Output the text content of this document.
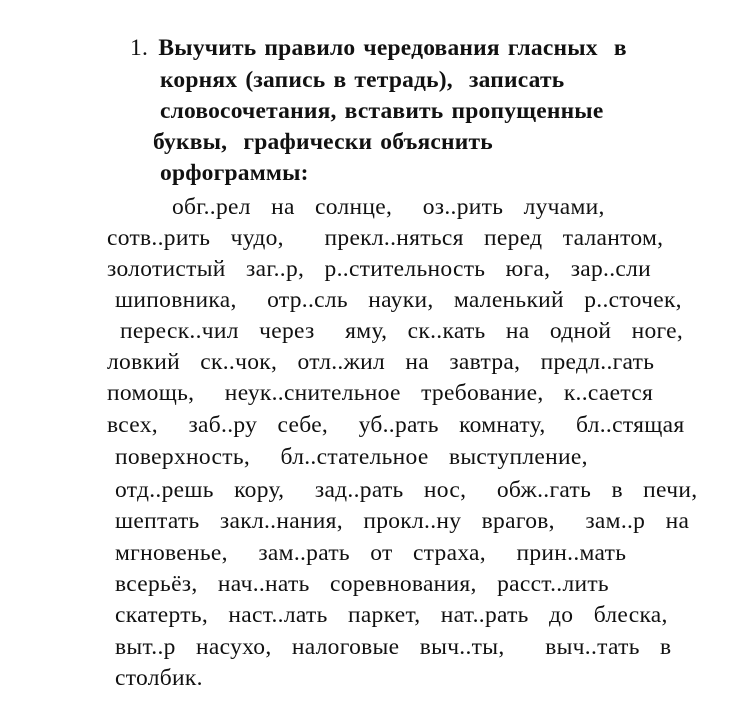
1. Выучить правило чередования гласных  в
корнях (запись в тетрадь),  записать
словосочетания, вставить пропущенные
буквы,  графически объяснить
орфограммы:
обг..рел  на  солнце,   оз..рить  лучами,
сотв..рить  чудо,    прекл..няться  перед  талантом,
золотистый  заг..р,  р..стительность  юга,  зар..сли
шиповника,   отр..сль  науки,  маленький  р..сточек,
переск..чил  через   яму,  ск..кать  на  одной  ноге,
ловкий  ск..чок,  отл..жил  на  завтра,  предл..гать
помощь,   неук..снительное  требование,  к..сается
всех,   заб..ру  себе,   уб..рать  комнату,   бл..стящая
поверхность,   бл..стательное  выступление,
отд..решь  кору,   зад..рать  нос,   обж..гать  в  печи,
шептать  закл..нания,  прокл..ну  врагов,   зам..р  на
мгновенье,   зам..рать  от  страха,   прин..мать
всерьёз,  нач..нать  соревнования,  расст..лить
скатерть,  наст..лать  паркет,  нат..рать  до  блеска,
выт..р  насухо,  налоговые  выч..ты,    выч..тать  в
столбик.
